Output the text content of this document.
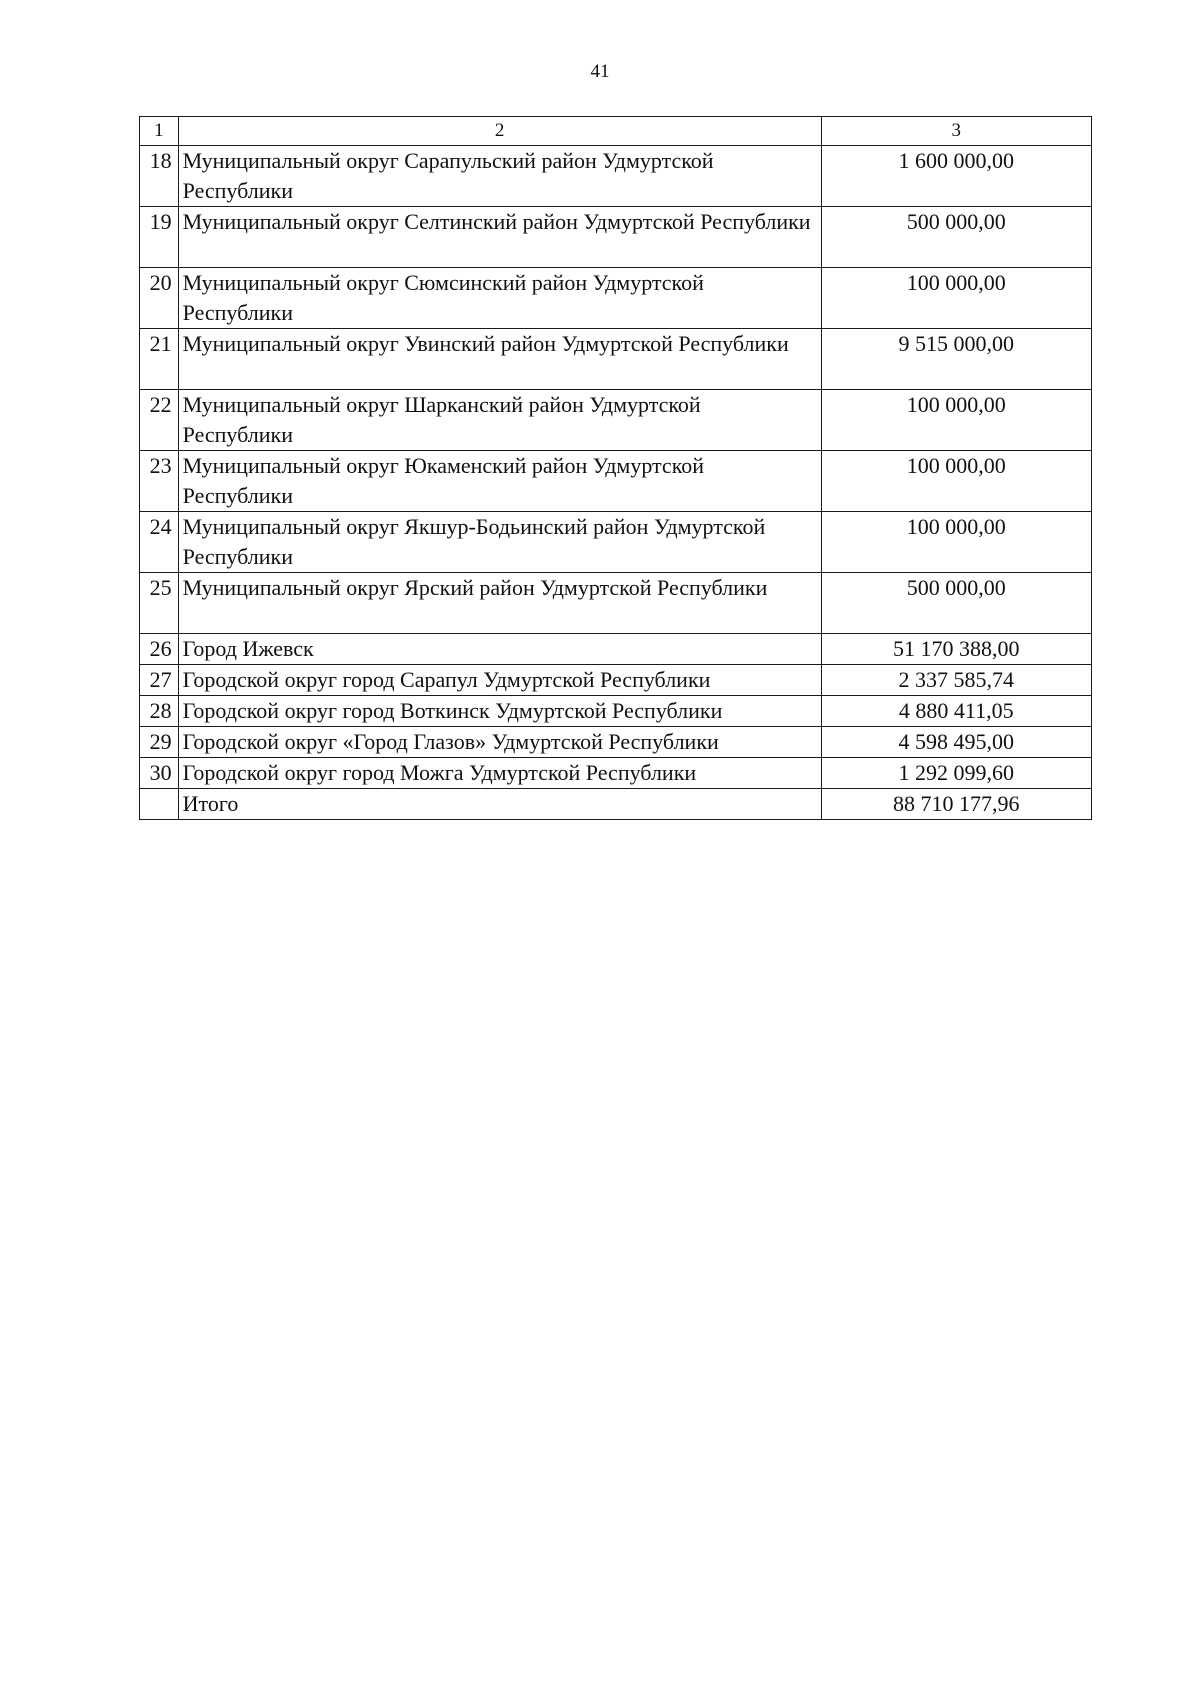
41
1	2	3
18	Муниципальный округ Сарапульский район Удмуртской Республики	1 600 000,00
19	Муниципальный округ Селтинский район Удмуртской Республики	500 000,00
20	Муниципальный округ Сюмсинский район Удмуртской Республики	100 000,00
21	Муниципальный округ Увинский район Удмуртской Республики	9 515 000,00
22	Муниципальный округ Шарканский район Удмуртской Республики	100 000,00
23	Муниципальный округ Юкаменский район Удмуртской Республики	100 000,00
24	Муниципальный округ Якшур-Бодьинский район Удмуртской Республики	100 000,00
25	Муниципальный округ Ярский район Удмуртской Республики	500 000,00
26	Город Ижевск	51 170 388,00
27	Городской округ город Сарапул Удмуртской Республики	2 337 585,74
28	Городской округ город Воткинск Удмуртской Республики	4 880 411,05
29	Городской округ «Город Глазов» Удмуртской Республики	4 598 495,00
30	Городской округ город Можга Удмуртской Республики	1 292 099,60
	Итого	88 710 177,96
